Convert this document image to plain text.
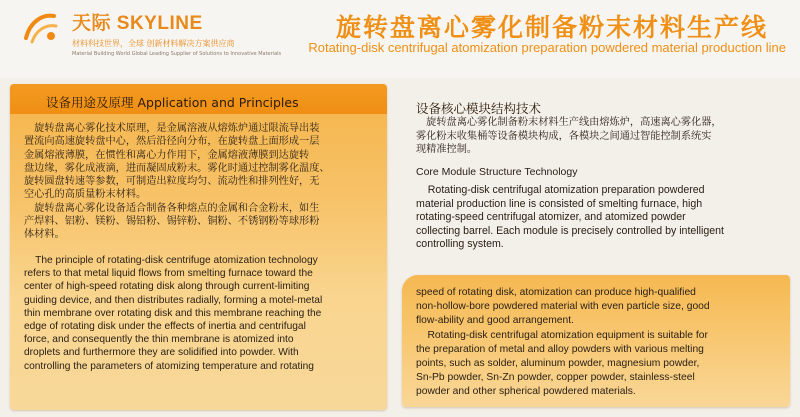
天际 SKYLINE
材料科技世界，全球 创新材料解决方案供应商
Material Building World Global Leading Supplier of Solutions to Innovative Materials
旋转盘离心雾化制备粉末材料生产线
Rotating-disk centrifugal atomization preparation powdered material production line
设备用途及原理 Application and Principles
　旋转盘离心雾化技术原理，是金属溶液从熔炼炉通过限流导出装
置流向高速旋转盘中心，然后沿径向分布，在旋转盘上面形成一层
金属熔液薄膜，在惯性和离心力作用下，金属熔液薄膜到达旋转
盘边缘，雾化成液滴，进而凝固成粉末。雾化时通过控制雾化温度、
旋转圆盘转速等参数，可制造出粒度均匀、流动性和排列性好，无
空心孔的高质量粉末材料。
　旋转盘离心雾化设备适合制备各种熔点的金属和合金粉末，如生
产焊料、铝粉、镁粉、锡铅粉、锡锌粉、铜粉、不锈钢粉等球形粉
体材料。
The principle of rotating-disk centrifuge atomization technology
refers to that metal liquid flows from smelting furnace toward the
center of high-speed rotating disk along through current-limiting
guiding device, and then distributes radially, forming a motel-metal
thin membrane over rotating disk and this membrane reaching the
edge of rotating disk under the effects of inertia and centrifugal
force, and consequently the thin membrane is atomized into
droplets and furthermore they are solidified into powder. With
controlling the parameters of atomizing temperature and rotating
设备核心模块结构技术
　旋转盘离心雾化制备粉末材料生产线由熔炼炉，高速离心雾化器，
雾化粉末收集桶等设备模块构成，各模块之间通过智能控制系统实
现精准控制。
Core Module Structure Technology
Rotating-disk centrifugal atomization preparation powdered
material production line is consisted of smelting furnace, high
rotating-speed centrifugal atomizer, and atomized powder
collecting barrel. Each module is precisely controlled by intelligent
controlling system.
speed of rotating disk, atomization can produce high-qualified
non-hollow-bore powdered material with even particle size, good
flow-ability and good arrangement.
Rotating-disk centrifugal atomization equipment is suitable for
the preparation of metal and alloy powders with various melting
points, such as solder, aluminum powder, magnesium powder,
Sn-Pb powder, Sn-Zn powder, copper powder, stainless-steel
powder and other spherical powdered materials.
